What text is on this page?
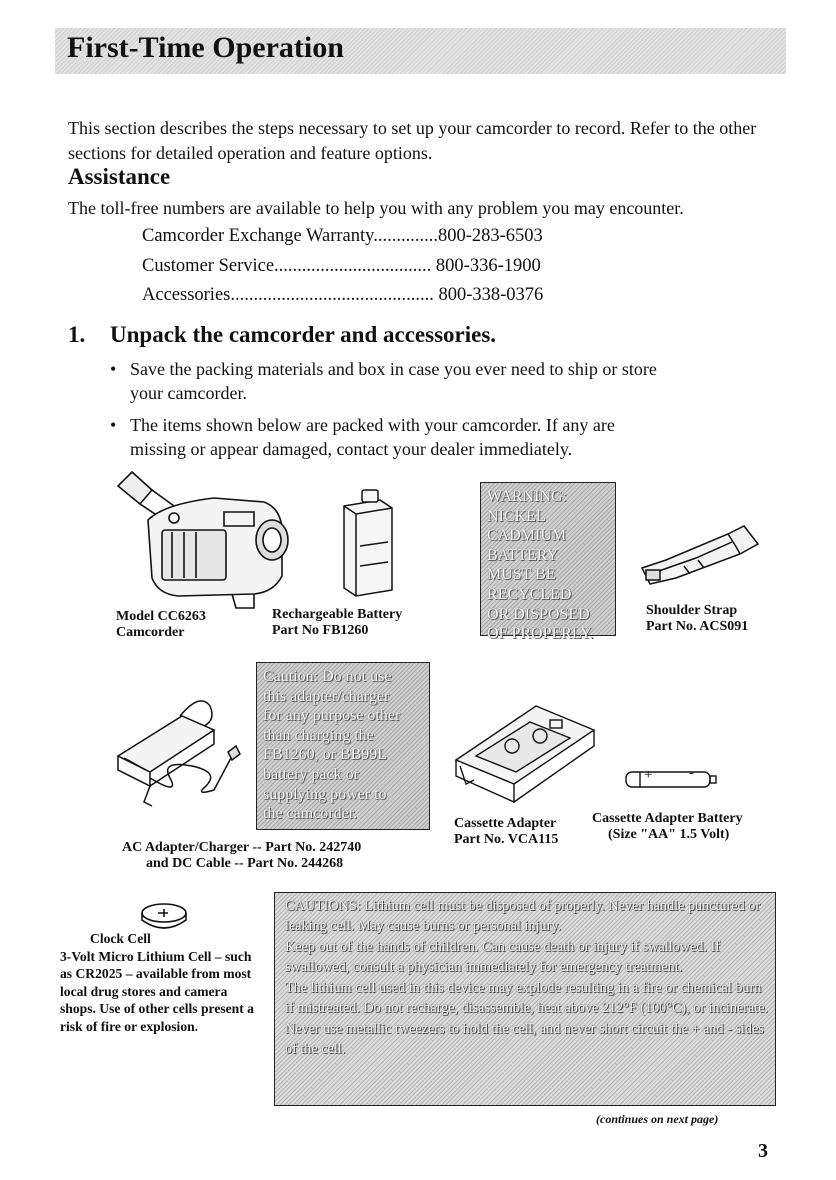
First-Time Operation
This section describes the steps necessary to set up your camcorder to record. Refer to the other sections for detailed operation and feature options.
Assistance
The toll-free numbers are available to help you with any problem you may encounter.
Camcorder Exchange Warranty..............800-283-6503
Customer Service.................................. 800-336-1900
Accessories............................................ 800-338-0376
1. Unpack the camcorder and accessories.
• Save the packing materials and box in case you ever need to ship or store your camcorder.
• The items shown below are packed with your camcorder. If any are missing or appear damaged, contact your dealer immediately.
Model CC6263
Camcorder
Rechargeable Battery
Part No FB1260
WARNING:
NICKEL
CADMIUM
BATTERY
MUST BE
RECYCLED
OR DISPOSED
OF PROPERLY.
Shoulder Strap
Part No. ACS091
Caution: Do not use
this adapter/charger
for any purpose other
than charging the
FB1260, or BB99L
battery pack or
supplying power to
the camcorder.
AC Adapter/Charger -- Part No. 242740
and DC Cable -- Part No. 244268
+ -
Cassette Adapter
Part No. VCA115
Cassette Adapter Battery
(Size "AA" 1.5 Volt)
Clock Cell
3-Volt Micro Lithium Cell – such as CR2025 – available from most local drug stores and camera shops. Use of other cells present a risk of fire or explosion.

CAUTIONS: Lithium cell must be disposed of properly. Never handle punctured or leaking cell. May cause burns or personal injury.

Keep out of the hands of children. Can cause death or injury if swallowed. If swallowed, consult a physician immediately for emergency treatment.

The lithium cell used in this device may explode resulting in a fire or chemical burn if mistreated. Do not recharge, disassemble, heat above 212°F (100°C), or incinerate.

Never use metallic tweezers to hold the cell, and never short circuit the + and - sides of the cell.

(continues on next page)
3
